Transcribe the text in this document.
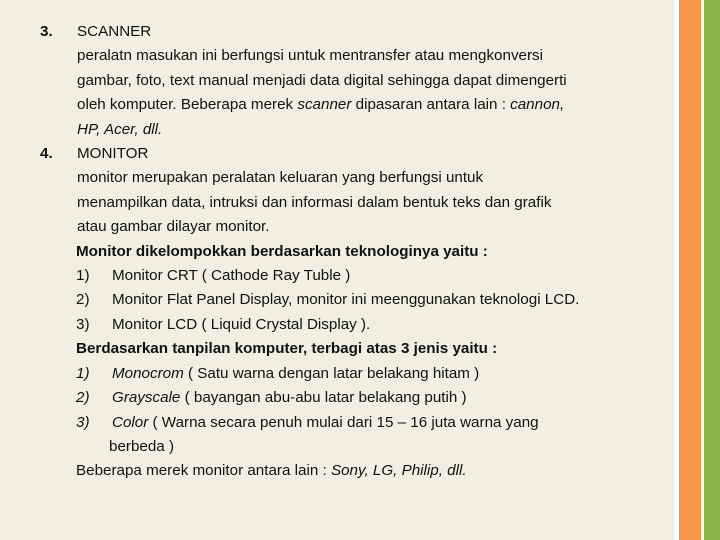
3. SCANNER
peralatn masukan ini berfungsi untuk mentransfer atau mengkonversi
gambar, foto, text manual menjadi data digital sehingga dapat dimengerti
oleh komputer. Beberapa merek scanner dipasaran antara lain : cannon,
HP, Acer, dll.
4. MONITOR
monitor merupakan peralatan keluaran yang berfungsi untuk
menampilkan data, intruksi dan informasi dalam bentuk teks dan grafik
atau gambar dilayar monitor.
Monitor dikelompokkan berdasarkan teknologinya yaitu :
1) Monitor CRT ( Cathode Ray Tuble )
2) Monitor Flat Panel Display, monitor ini meenggunakan teknologi LCD.
3) Monitor LCD ( Liquid Crystal Display ).
Berdasarkan tanpilan komputer, terbagi atas 3 jenis yaitu :
1) Monocrom ( Satu warna dengan latar belakang hitam )
2) Grayscale ( bayangan abu-abu latar belakang putih )
3) Color ( Warna secara penuh mulai dari 15 – 16 juta warna yang
berbeda )
Beberapa merek monitor antara lain : Sony, LG, Philip, dll.
